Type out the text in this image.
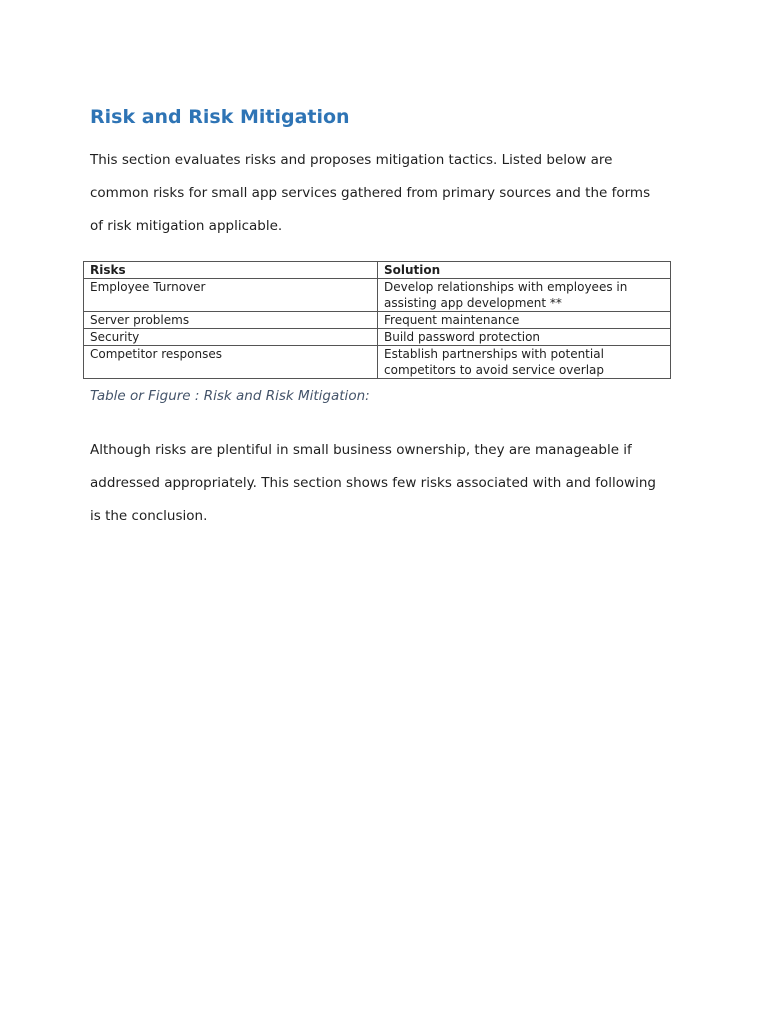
Risk and Risk Mitigation

This section evaluates risks and proposes mitigation tactics. Listed below are
common risks for small app services gathered from primary sources and the forms
of risk mitigation applicable.

Risks	Solution
Employee Turnover	Develop relationships with employees in assisting app development **
Server problems	Frequent maintenance
Security	Build password protection
Competitor responses	Establish partnerships with potential competitors to avoid service overlap

Table or Figure : Risk and Risk Mitigation:

Although risks are plentiful in small business ownership, they are manageable if
addressed appropriately. This section shows few risks associated with and following
is the conclusion.
